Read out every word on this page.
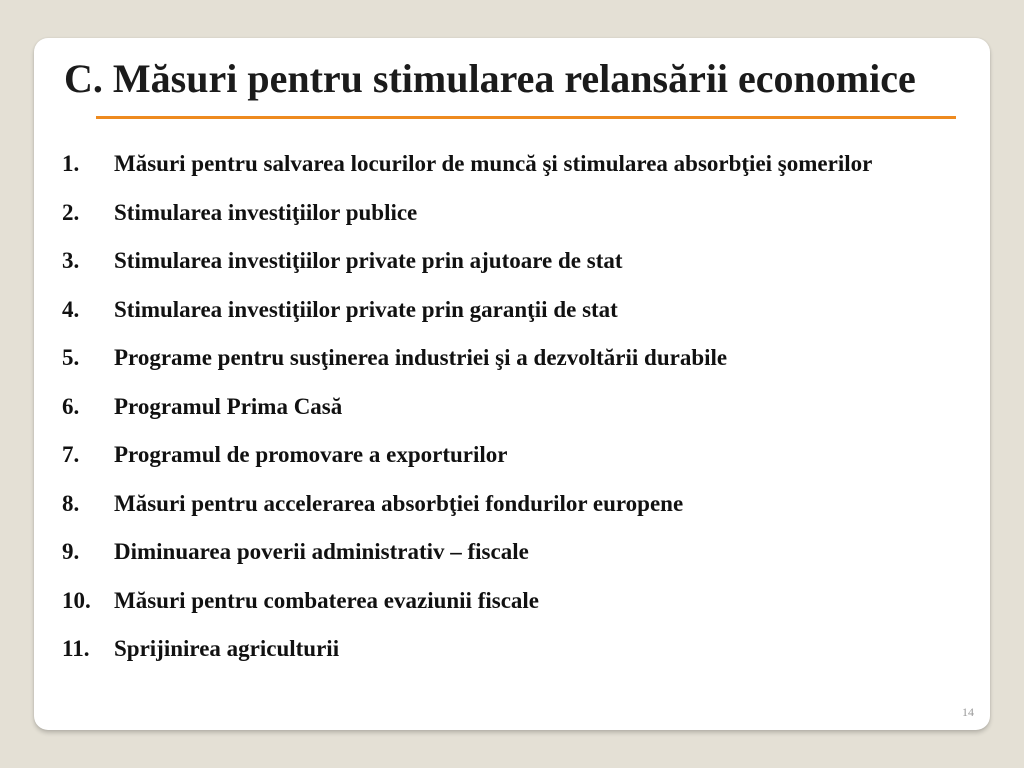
C. Măsuri pentru stimularea relansării economice
1.	Măsuri pentru salvarea locurilor de muncă şi stimularea absorbţiei şomerilor
2.	Stimularea investiţiilor publice
3.	Stimularea investiţiilor private prin ajutoare de stat
4.	Stimularea investiţiilor private prin garanţii de stat
5.	Programe pentru susţinerea industriei şi a dezvoltării durabile
6.	Programul Prima Casă
7.	Programul de promovare a exporturilor
8.	Măsuri pentru accelerarea absorbţiei fondurilor europene
9.	Diminuarea poverii administrativ – fiscale
10.	Măsuri pentru combaterea evaziunii fiscale
11.	Sprijinirea agriculturii
14
